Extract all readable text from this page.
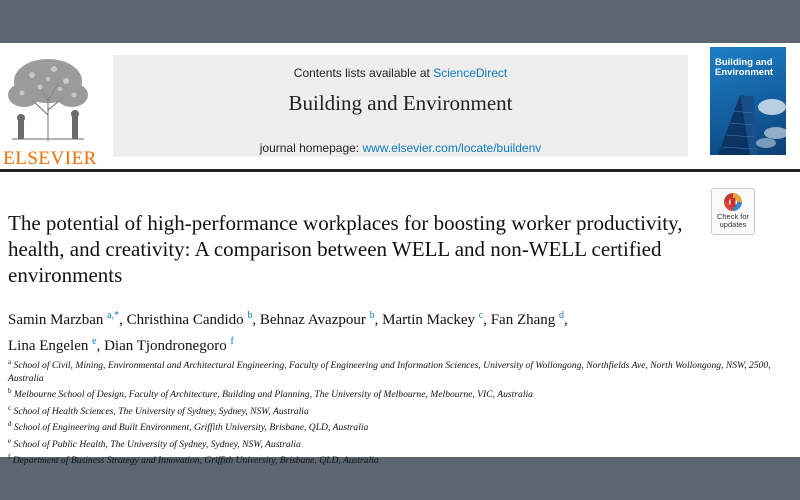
ELSEVIER
Contents lists available at ScienceDirect
Building and Environment
journal homepage: www.elsevier.com/locate/buildenv
Building and Environment
Check for
updates
The potential of high-performance workplaces for boosting worker productivity, health, and creativity: A comparison between WELL and non-WELL certified environments
Samin Marzban $^{a,*}$, Christhina Candido $^b$, Behnaz Avazpour $^b$, Martin Mackey $^c$, Fan Zhang $^d$,
Lina Engelen $^e$, Dian Tjondronegoro $^f$
$^a$ School of Civil, Mining, Environmental and Architectural Engineering, Faculty of Engineering and Information Sciences, University of Wollongong, Northfields Ave, North Wollongong, NSW, 2500, Australia
$^b$ Melbourne School of Design, Faculty of Architecture, Building and Planning, The University of Melbourne, Melbourne, VIC, Australia
$^c$ School of Health Sciences, The University of Sydney, Sydney, NSW, Australia
$^d$ School of Engineering and Built Environment, Griffith University, Brisbane, QLD, Australia
$^e$ School of Public Health, The University of Sydney, Sydney, NSW, Australia
$^f$ Department of Business Strategy and Innovation, Griffith University, Brisbane, QLD, Australia
